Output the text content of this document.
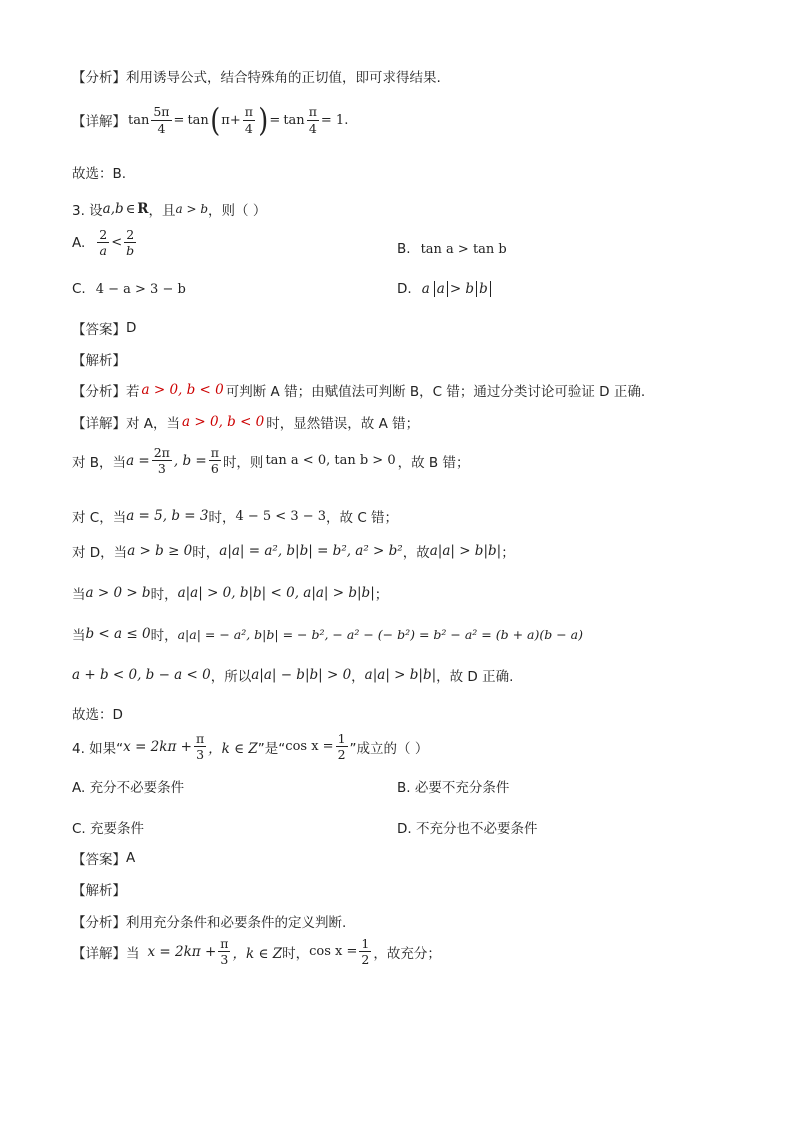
【分析】 利用诱导公式，结合特殊角的正切值，即可求得结果.
【详解】 $\tan \frac{5\pi}{4} = \tan$ ( $\pi+ \frac{\pi}{4}$ ) = $\tan \frac{\pi}{4} = 1$.
故选：B.
3. 设 a,b ∈ R ，且 a > b ，则（ ）
A. $\frac{2}{a} < \frac{2}{b}$	B. tan a > tan b
C. 4 − a > 3 − b	D. a a > b b
【答案】 D
【解析】
【分析】 若 a > 0, b < 0 可判断 A 错；由赋值法可判断 B，C 错；通过分类讨论可验证 D 正确.
【详解】 对 A，当 a > 0, b < 0 时，显然错误，故 A 错；
对 B，当 $a = \frac{2\pi}{3}$ , $b = \frac{\pi}{6}$ 时，则 tan a < 0, tan b > 0 ，故 B 错；
对 C，当 a = 5, b = 3 时， 4 − 5 < 3 − 3 ，故 C 错；
对 D，当 a > b ≥ 0 时， a|a| = a², b|b| = b², a² > b² ，故 a|a| > b|b| ；
当 a > 0 > b 时， a|a| > 0, b|b| < 0, a|a| > b|b| ；
当 b < a ≤ 0 时， a|a| = − a², b|b| = − b², − a² − (− b²) = b² − a² = (b + a)(b − a)
a + b < 0, b − a < 0 ，所以 a|a| − b|b| > 0 ， a|a| > b|b| ，故 D 正确.
故选：D
4. 如果“ $x = 2k\pi + \frac{\pi}{3}$ ，k ∈ Z ”是“ $\cos x = \frac{1}{2}$ ”成立的（ ）
A. 充分不必要条件	B. 必要不充分条件
C. 充要条件	D. 不充分也不必要条件
【答案】 A
【解析】
【分析】 利用充分条件和必要条件的定义判断.
【详解】 当 $x = 2k\pi + \frac{\pi}{3}$ ，k ∈ Z 时， $\cos x = \frac{1}{2}$ ，故充分；
